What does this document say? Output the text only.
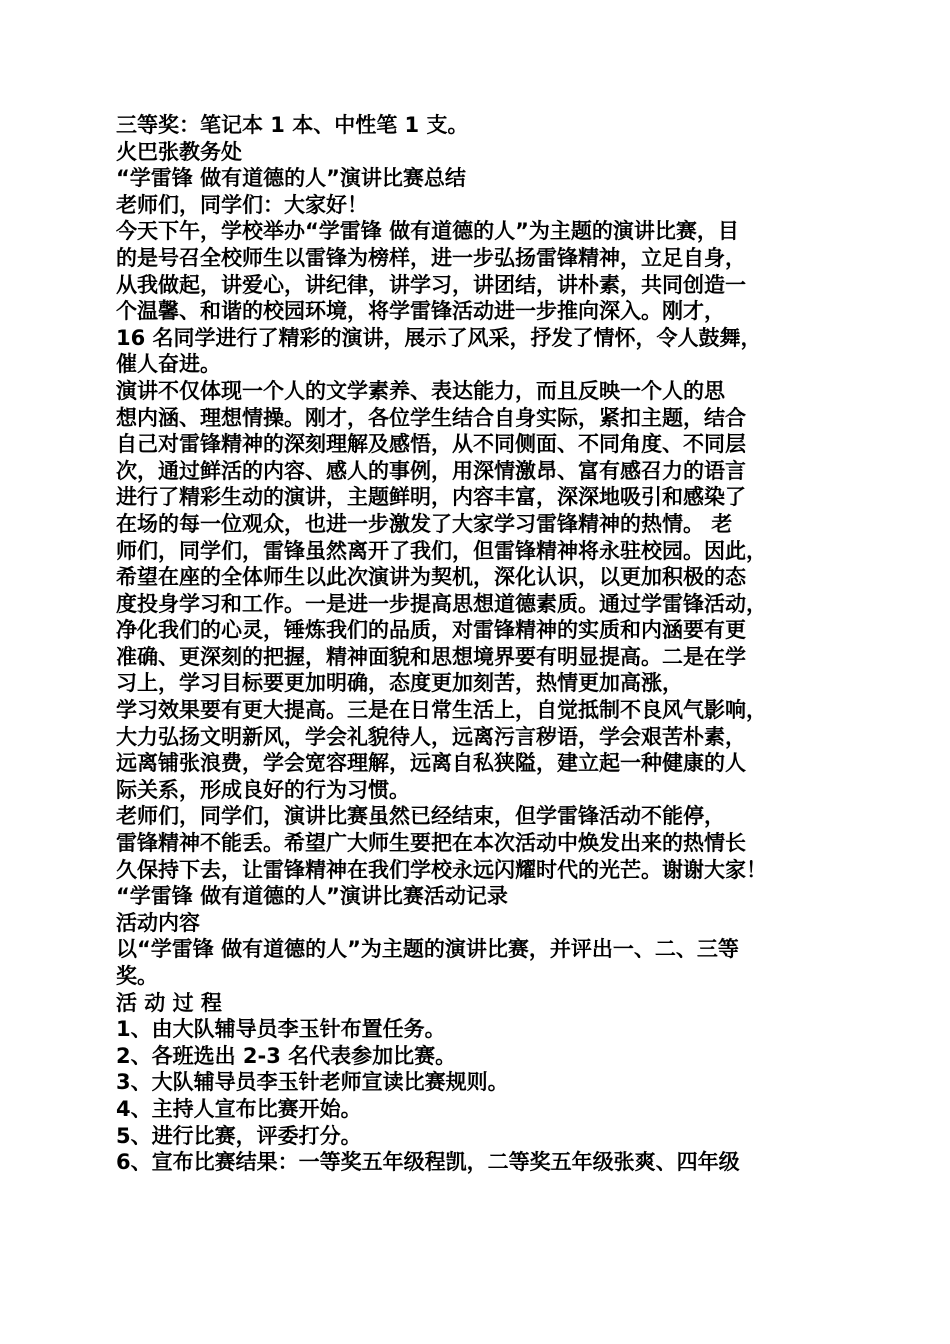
三等奖：笔记本 1 本、中性笔 1 支。
火巴张教务处
“学雷锋 做有道德的人”演讲比赛总结
老师们，同学们：大家好！
今天下午，学校举办“学雷锋 做有道德的人”为主题的演讲比赛，目
的是号召全校师生以雷锋为榜样，进一步弘扬雷锋精神，立足自身，
从我做起，讲爱心，讲纪律，讲学习，讲团结，讲朴素，共同创造一
个温馨、和谐的校园环境，将学雷锋活动进一步推向深入。刚才，
16 名同学进行了精彩的演讲，展示了风采，抒发了情怀，令人鼓舞，
催人奋进。
演讲不仅体现一个人的文学素养、表达能力，而且反映一个人的思
想内涵、理想情操。刚才，各位学生结合自身实际，紧扣主题，结合
自己对雷锋精神的深刻理解及感悟，从不同侧面、不同角度、不同层
次，通过鲜活的内容、感人的事例，用深情激昂、富有感召力的语言
进行了精彩生动的演讲，主题鲜明，内容丰富，深深地吸引和感染了
在场的每一位观众，也进一步激发了大家学习雷锋精神的热情。 老
师们，同学们，雷锋虽然离开了我们，但雷锋精神将永驻校园。因此，
希望在座的全体师生以此次演讲为契机，深化认识，以更加积极的态
度投身学习和工作。一是进一步提高思想道德素质。通过学雷锋活动，
净化我们的心灵，锤炼我们的品质，对雷锋精神的实质和内涵要有更
准确、更深刻的把握，精神面貌和思想境界要有明显提高。二是在学
习上，学习目标要更加明确，态度更加刻苦，热情更加高涨，
学习效果要有更大提高。三是在日常生活上，自觉抵制不良风气影响，
大力弘扬文明新风，学会礼貌待人，远离污言秽语，学会艰苦朴素，
远离铺张浪费，学会宽容理解，远离自私狭隘，建立起一种健康的人
际关系，形成良好的行为习惯。
老师们，同学们，演讲比赛虽然已经结束，但学雷锋活动不能停，
雷锋精神不能丢。希望广大师生要把在本次活动中焕发出来的热情长
久保持下去，让雷锋精神在我们学校永远闪耀时代的光芒。谢谢大家！
“学雷锋 做有道德的人”演讲比赛活动记录
活动内容
以“学雷锋 做有道德的人”为主题的演讲比赛，并评出一、二、三等
奖。
活 动 过 程
1、由大队辅导员李玉针布置任务。
2、各班选出 2-3 名代表参加比赛。
3、大队辅导员李玉针老师宣读比赛规则。
4、主持人宣布比赛开始。
5、进行比赛，评委打分。
6、宣布比赛结果：一等奖五年级程凯，二等奖五年级张爽、四年级
